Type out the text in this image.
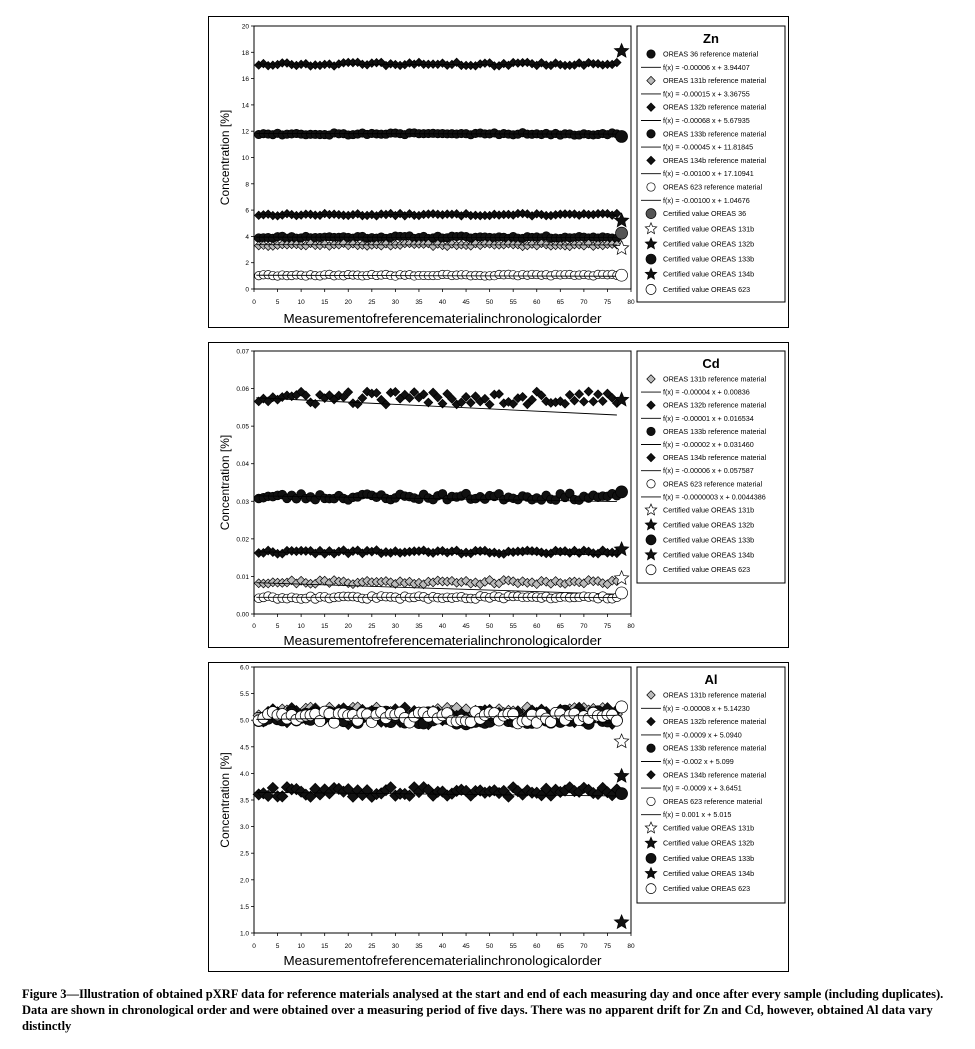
0
2
4
6
8
10
12
14
16
18
20
0	5	10	15	20	25	30	35	40	45	50	55	60	65	70	75	80
Measurementofreferencematerialinchronologicalorder
Concentration [%]
Zn
OREAS 36 reference material
f(x) = -0.00006 x + 3.94407
OREAS 131b reference material
f(x) = -0.00015 x + 3.36755
OREAS 132b reference material
f(x) = -0.00068 x + 5.67935
OREAS 133b reference material
f(x) = -0.00045 x + 11.81845
OREAS 134b reference material
f(x) = -0.00100 x + 17.10941
OREAS 623 reference material
f(x) = -0.00100 x + 1.04676
Certified value OREAS 36
Certified value OREAS 131b
Certified value OREAS 132b
Certified value OREAS 133b
Certified value OREAS 134b
Certified value OREAS 623
0.00
0.01
0.02
0.03
0.04
0.05
0.06
0.07
0	5	10	15	20	25	30	35	40	45	50	55	60	65	70	75	80
Measurementofreferencematerialinchronologicalorder
Concentration [%]
Cd
OREAS 131b reference material
f(x) = -0.00004 x + 0.00836
OREAS 132b reference material
f(x) = -0.00001 x + 0.016534
OREAS 133b reference material
f(x) = -0.00002 x + 0.031460
OREAS 134b reference material
f(x) = -0.00006 x + 0.057587
OREAS 623 reference material
f(x) = -0.0000003 x + 0.0044386
Certified value OREAS 131b
Certified value OREAS 132b
Certified value OREAS 133b
Certified value OREAS 134b
Certified value OREAS 623
1.0
1.5
2.0
2.5
3.0
3.5
4.0
4.5
5.0
5.5
6.0
0	5	10	15	20	25	30	35	40	45	50	55	60	65	70	75	80
Measurementofreferencematerialinchronologicalorder
Concentration [%]
Al
OREAS 131b reference material
f(x) = -0.00008 x + 5.14230
OREAS 132b reference material
f(x) = -0.0009 x + 5.0940
OREAS 133b reference material
f(x) = -0.002 x + 5.099
OREAS 134b reference material
f(x) = -0.0009 x + 3.6451
OREAS 623 reference material
f(x) = 0.001 x + 5.015
Certified value OREAS 131b
Certified value OREAS 132b
Certified value OREAS 133b
Certified value OREAS 134b
Certified value OREAS 623
Figure 3—Illustration of obtained pXRF data for reference materials analysed at the start and end of each measuring day and once after every sample (including duplicates). Data are shown in chronological order and were obtained over a measuring period of five days. There was no apparent drift for Zn and Cd, however, obtained Al data vary distinctly
